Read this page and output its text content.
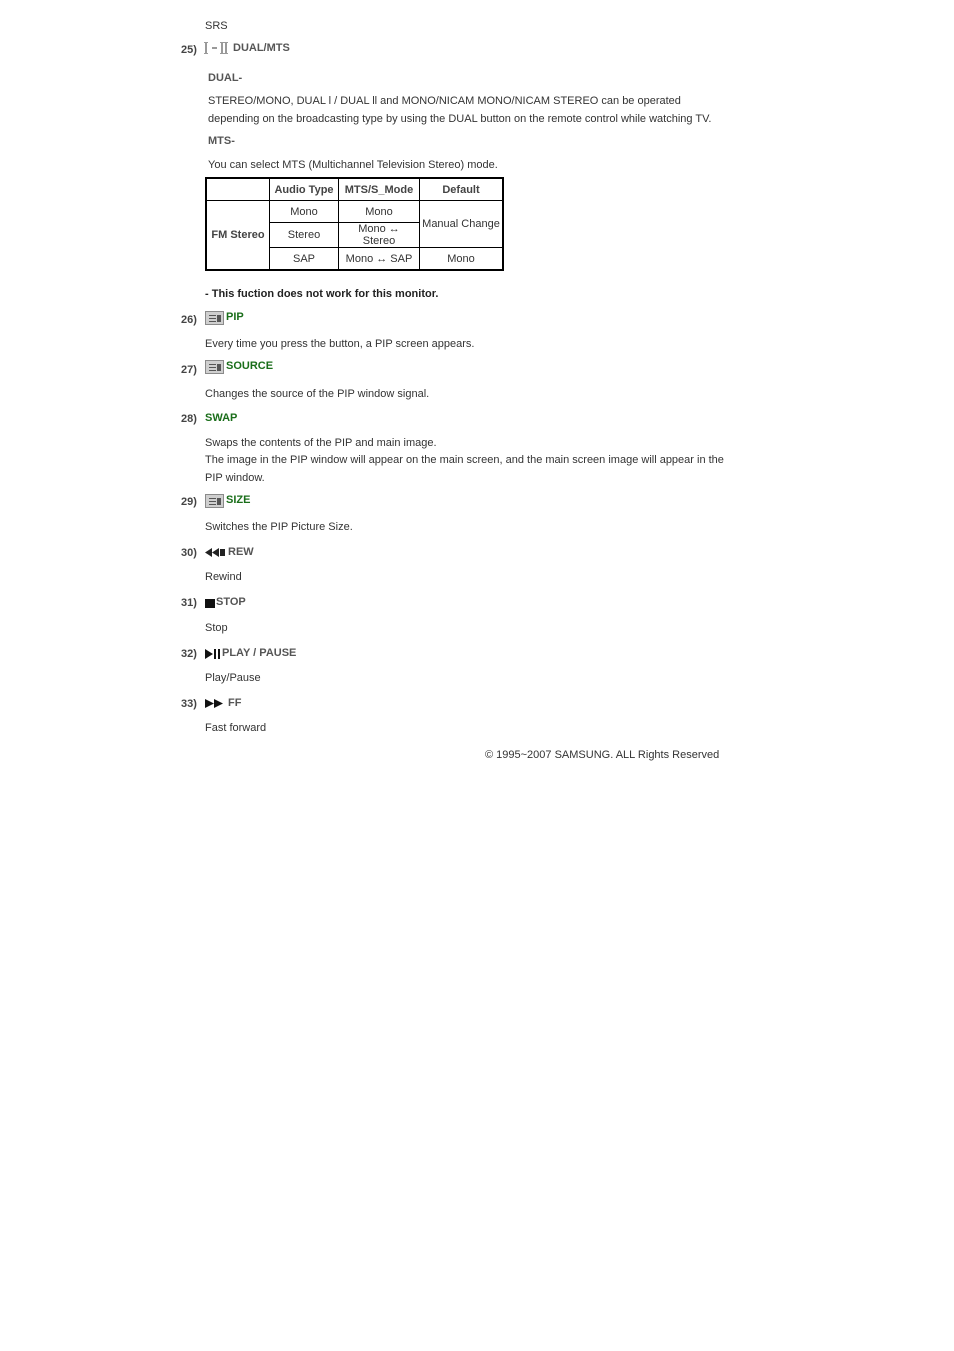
SRS
25)	DUAL/MTS
DUAL-
STEREO/MONO, DUAL l / DUAL ll and MONO/NICAM MONO/NICAM STEREO can be operated
depending on the broadcasting type by using the DUAL button on the remote control while watching TV.
MTS-
You can select MTS (Multichannel Television Stereo) mode.
	Audio Type	MTS/S_Mode	Default
FM Stereo	Mono	Mono	Manual Change
	Stereo	Mono ↔ Stereo	
	SAP	Mono ↔ SAP	Mono
- This fuction does not work for this monitor.
26)	PIP
Every time you press the button, a PIP screen appears.
27)	SOURCE
Changes the source of the PIP window signal.
28) SWAP
Swaps the contents of the PIP and main image.
The image in the PIP window will appear on the main screen, and the main screen image will appear in the
PIP window.
29)	SIZE
Switches the PIP Picture Size.
30)	REW
Rewind
31) STOP
Stop
32) PLAY / PAUSE
Play/Pause
33)	FF
Fast forward
© 1995~2007 SAMSUNG. ALL Rights Reserved
